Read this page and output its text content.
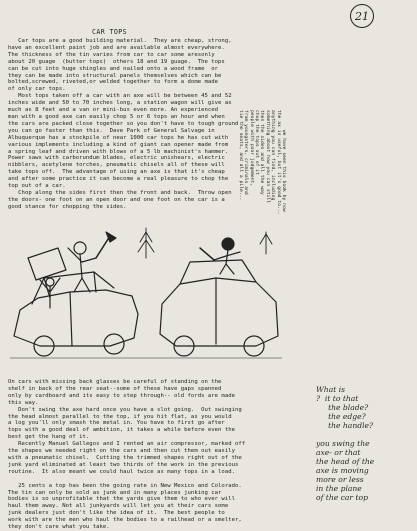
21
CAR TOPS
Car tops are a good building material.  They are cheap, strong,
have an excellent paint job and are available almost everywhere.
The thickness of the tin varies from car to car some aresonly
about 20 guage  (butter tops)  others 18 and 19 guage.  The tops
can be cut into huge shingles and nailed onto a wood frame  or
they can be made into structural panels themselves which can be
bolted,screwed, riveted,or welded together to form a dome made
of only car tops.
Most tops taken off a car with an axe will be between 45 and 52
inches wide and 50 to 70 inches long, a station wagon will give as
much as 8 feet and a van or mini-bus even more. An experienced
man with a good axe can easily chop 5 or 6 tops an hour and when
the cars are packed close together so you don't have to tough ground
you can go faster than this.  Dave Park of General Salvage in
Albuquerque has a stockpile of near 1000 car tops he has cut with
various implements including a kind of giant can opener made from
a spring leaf and driven with blows of a 5 lb machinist's hammer.
Power saws with carborundum blades, electric unishears, electric
nibblers, acetylene torches, pneumatic chisels all of these will
take tops off.  The advantage of using an axe is that it's cheap
and after some practice it can become a real pleasure to chop the
top out of a car.
Chop along the sides first then the front and back.  Throw open
the doors- one foot on an open door and one foot on the car is a
good stance for chopping the sides.
we have seen this book by now
the ax is useful, but it's good to...
anything you can find, including
something about how you can still
then the sides and all the way
chop the tops out of it
people with poor judgement,
from youngsters, criminals and
tie the seats, and all a pile...
On cars with missing back glasses be careful of standing on the
shelf in back of the rear seat--some of these have gaps spanned
only by cardboard and its easy to step through-- old fords are made
this way.
Don't swing the axe hard once you have a slot going.  Out swinging
the head almost parallel to the top, if you hit flat, as you would
a log you'll only smash the metal in. You have to first go after
tops with a good deal of ambition, it takes a while before even the
best get the hang of it.
Recently Manuel Gallegos and I rented an air compressor, marked off
the shapes we needed right on the cars and then cut them out easily
with a pneumatic chisel.  Cutting the trimmed shapes right out of the
junk yard eliminated at least two thirds of the work in the previous
routine.  It also meant we could haul twice as many tops in a load.

25 cents a top has been the going rate in New Mexico and Colorado.
The tin can only be sold as junk and in many places junking car
bodies is so unprofitable that the yards give them to who ever will
haul them away. Not all junkyards will let you at their cars some
junk dealers just don't like the idea of it.  The best people to
work with are the men who haul the bodies to a railhead or a smelter,
they don't care what you take.
What is
?  it to that
the blade?
the edge?
the handle?

you swing the
axe- or that
the head of the
axe is moving
more or less
in the plane
of the car top
